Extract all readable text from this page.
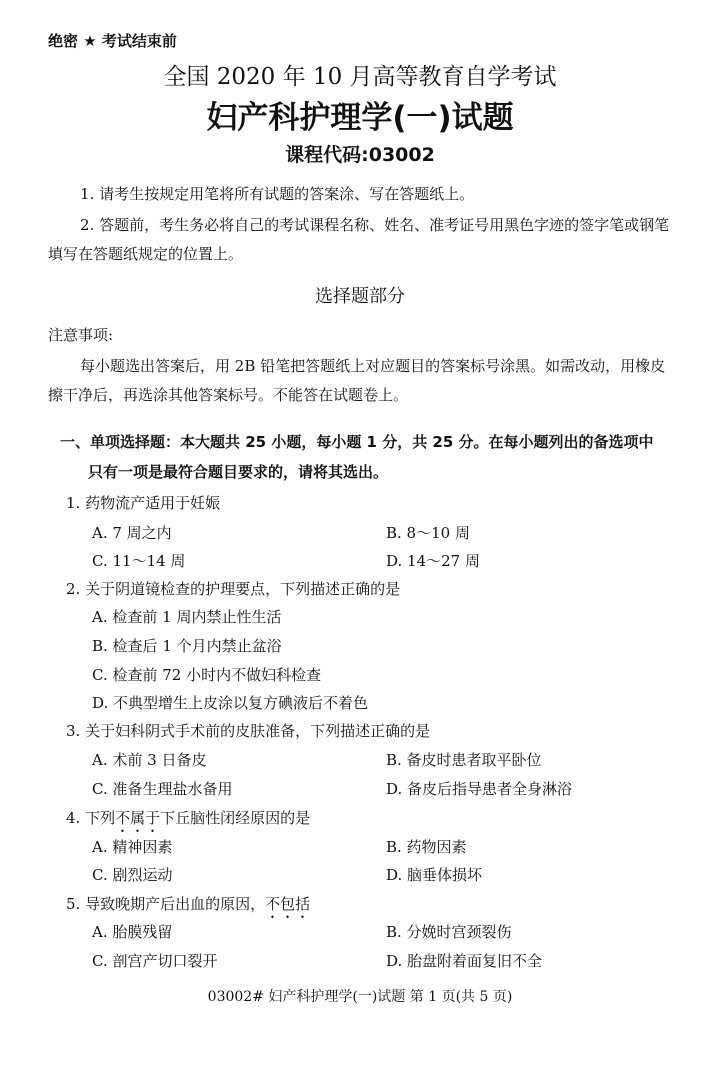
绝密 ★ 考试结束前
全国 2020 年 10 月高等教育自学考试
妇产科护理学(一)试题
课程代码:03002
1. 请考生按规定用笔将所有试题的答案涂、写在答题纸上。
2. 答题前，考生务必将自己的考试课程名称、姓名、准考证号用黑色字迹的签字笔或钢笔
填写在答题纸规定的位置上。
选择题部分
注意事项:
每小题选出答案后，用 2B 铅笔把答题纸上对应题目的答案标号涂黑。如需改动，用橡皮
擦干净后，再选涂其他答案标号。不能答在试题卷上。
一、单项选择题：本大题共 25 小题，每小题 1 分，共 25 分。在每小题列出的备选项中
只有一项是最符合题目要求的，请将其选出。
1. 药物流产适用于妊娠
A. 7 周之内	B. 8～10 周
C. 11～14 周	D. 14～27 周
2. 关于阴道镜检查的护理要点，下列描述正确的是
A. 检查前 1 周内禁止性生活
B. 检查后 1 个月内禁止盆浴
C. 检查前 72 小时内不做妇科检查
D. 不典型增生上皮涂以复方碘液后不着色
3. 关于妇科阴式手术前的皮肤准备，下列描述正确的是
A. 术前 3 日备皮	B. 备皮时患者取平卧位
C. 准备生理盐水备用	D. 备皮后指导患者全身淋浴
4. 下列不属于下丘脑性闭经原因的是
A. 精神因素	B. 药物因素
C. 剧烈运动	D. 脑垂体损坏
5. 导致晚期产后出血的原因，不包括
A. 胎膜残留	B. 分娩时宫颈裂伤
C. 剖宫产切口裂开	D. 胎盘附着面复旧不全
03002# 妇产科护理学(一)试题 第 1 页(共 5 页)
